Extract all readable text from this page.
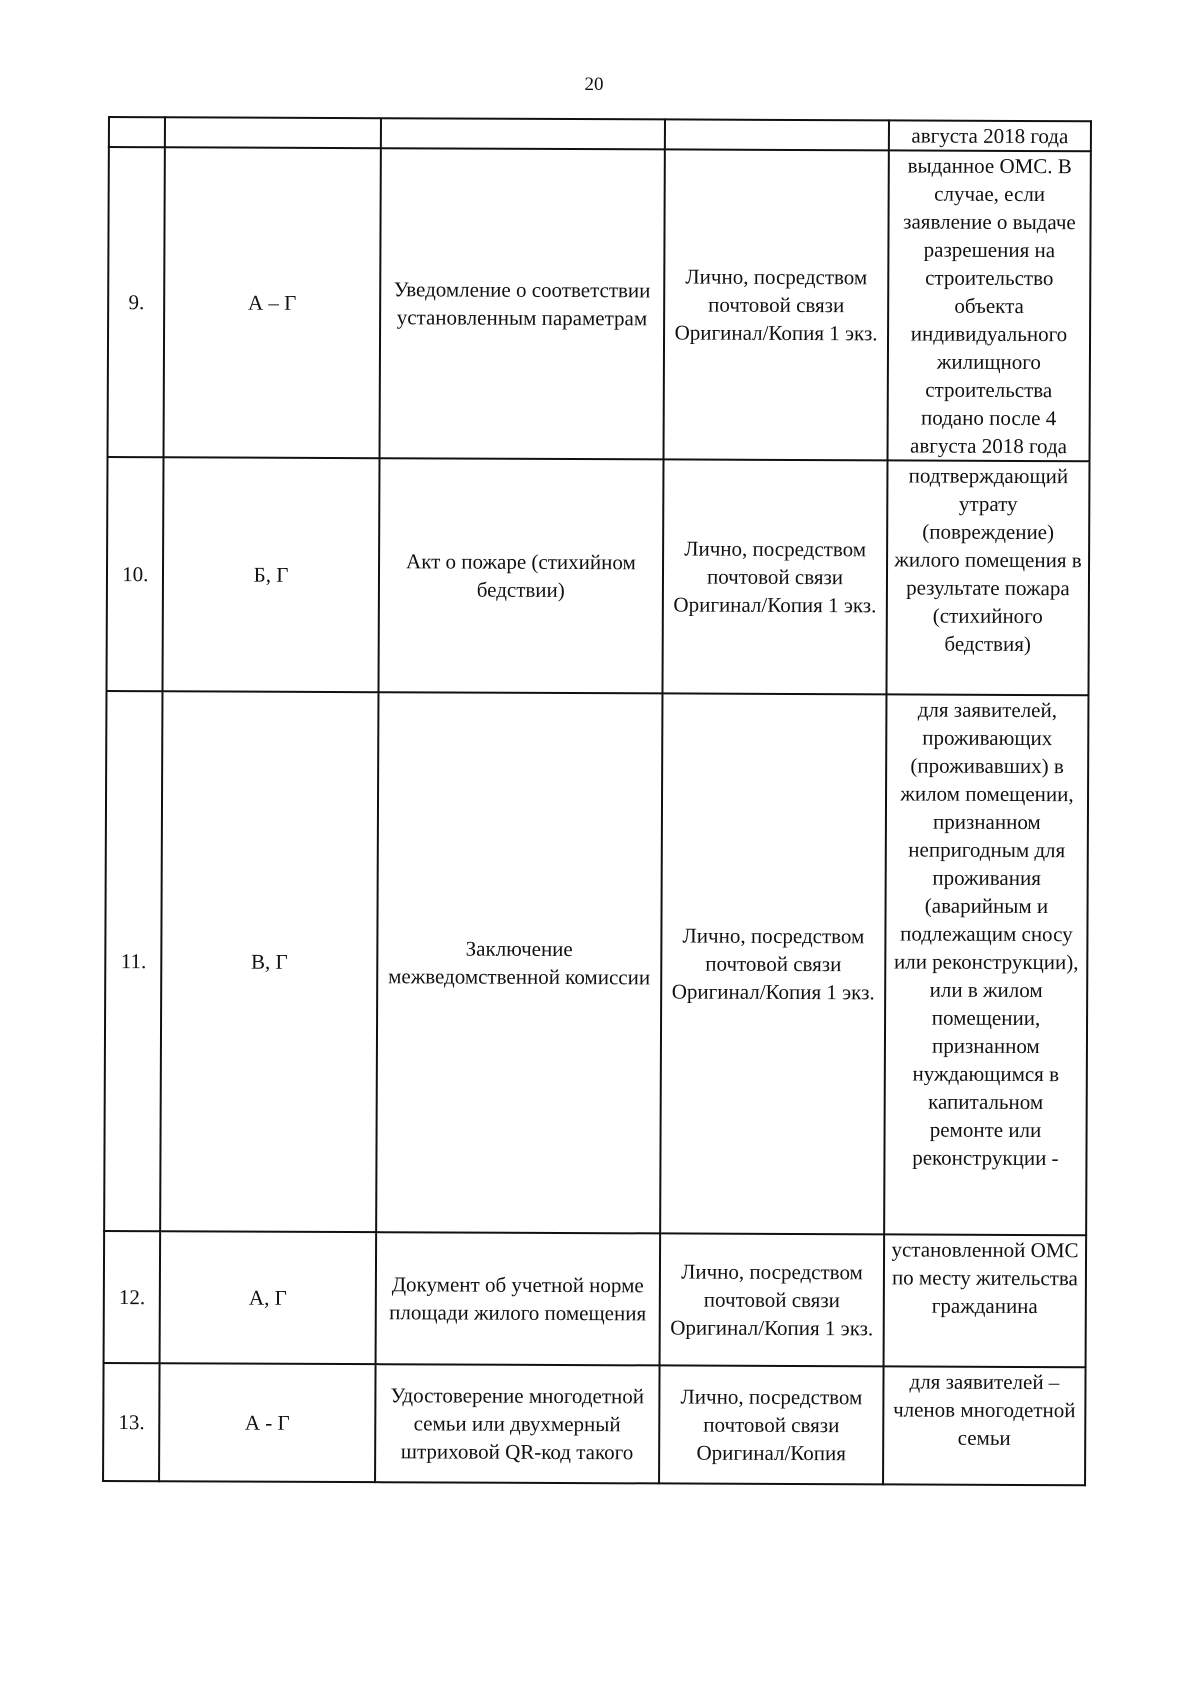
20
				августа 2018 года
9.	А – Г	Уведомление о соответствии установленным параметрам	Лично, посредством почтовой связи Оригинал/Копия 1 экз.	выданное ОМС. В случае, если заявление о выдаче разрешения на строительство объекта индивидуального жилищного строительства подано после 4 августа 2018 года
10.	Б, Г	Акт о пожаре (стихийном бедствии)	Лично, посредством почтовой связи Оригинал/Копия 1 экз.	подтверждающий утрату (повреждение) жилого помещения в результате пожара (стихийного бедствия)
11.	В, Г	Заключение межведомственной комиссии	Лично, посредством почтовой связи Оригинал/Копия 1 экз.	для заявителей, проживающих (проживавших) в жилом помещении, признанном непригодным для проживания (аварийным и подлежащим сносу или реконструкции), или в жилом помещении, признанном нуждающимся в капитальном ремонте или реконструкции -
12.	А, Г	Документ об учетной норме площади жилого помещения	Лично, посредством почтовой связи Оригинал/Копия 1 экз.	установленной ОМС по месту жительства гражданина
13.	А - Г	Удостоверение многодетной семьи или двухмерный штриховой QR-код такого	Лично, посредством почтовой связи Оригинал/Копия	для заявителей – членов многодетной семьи
